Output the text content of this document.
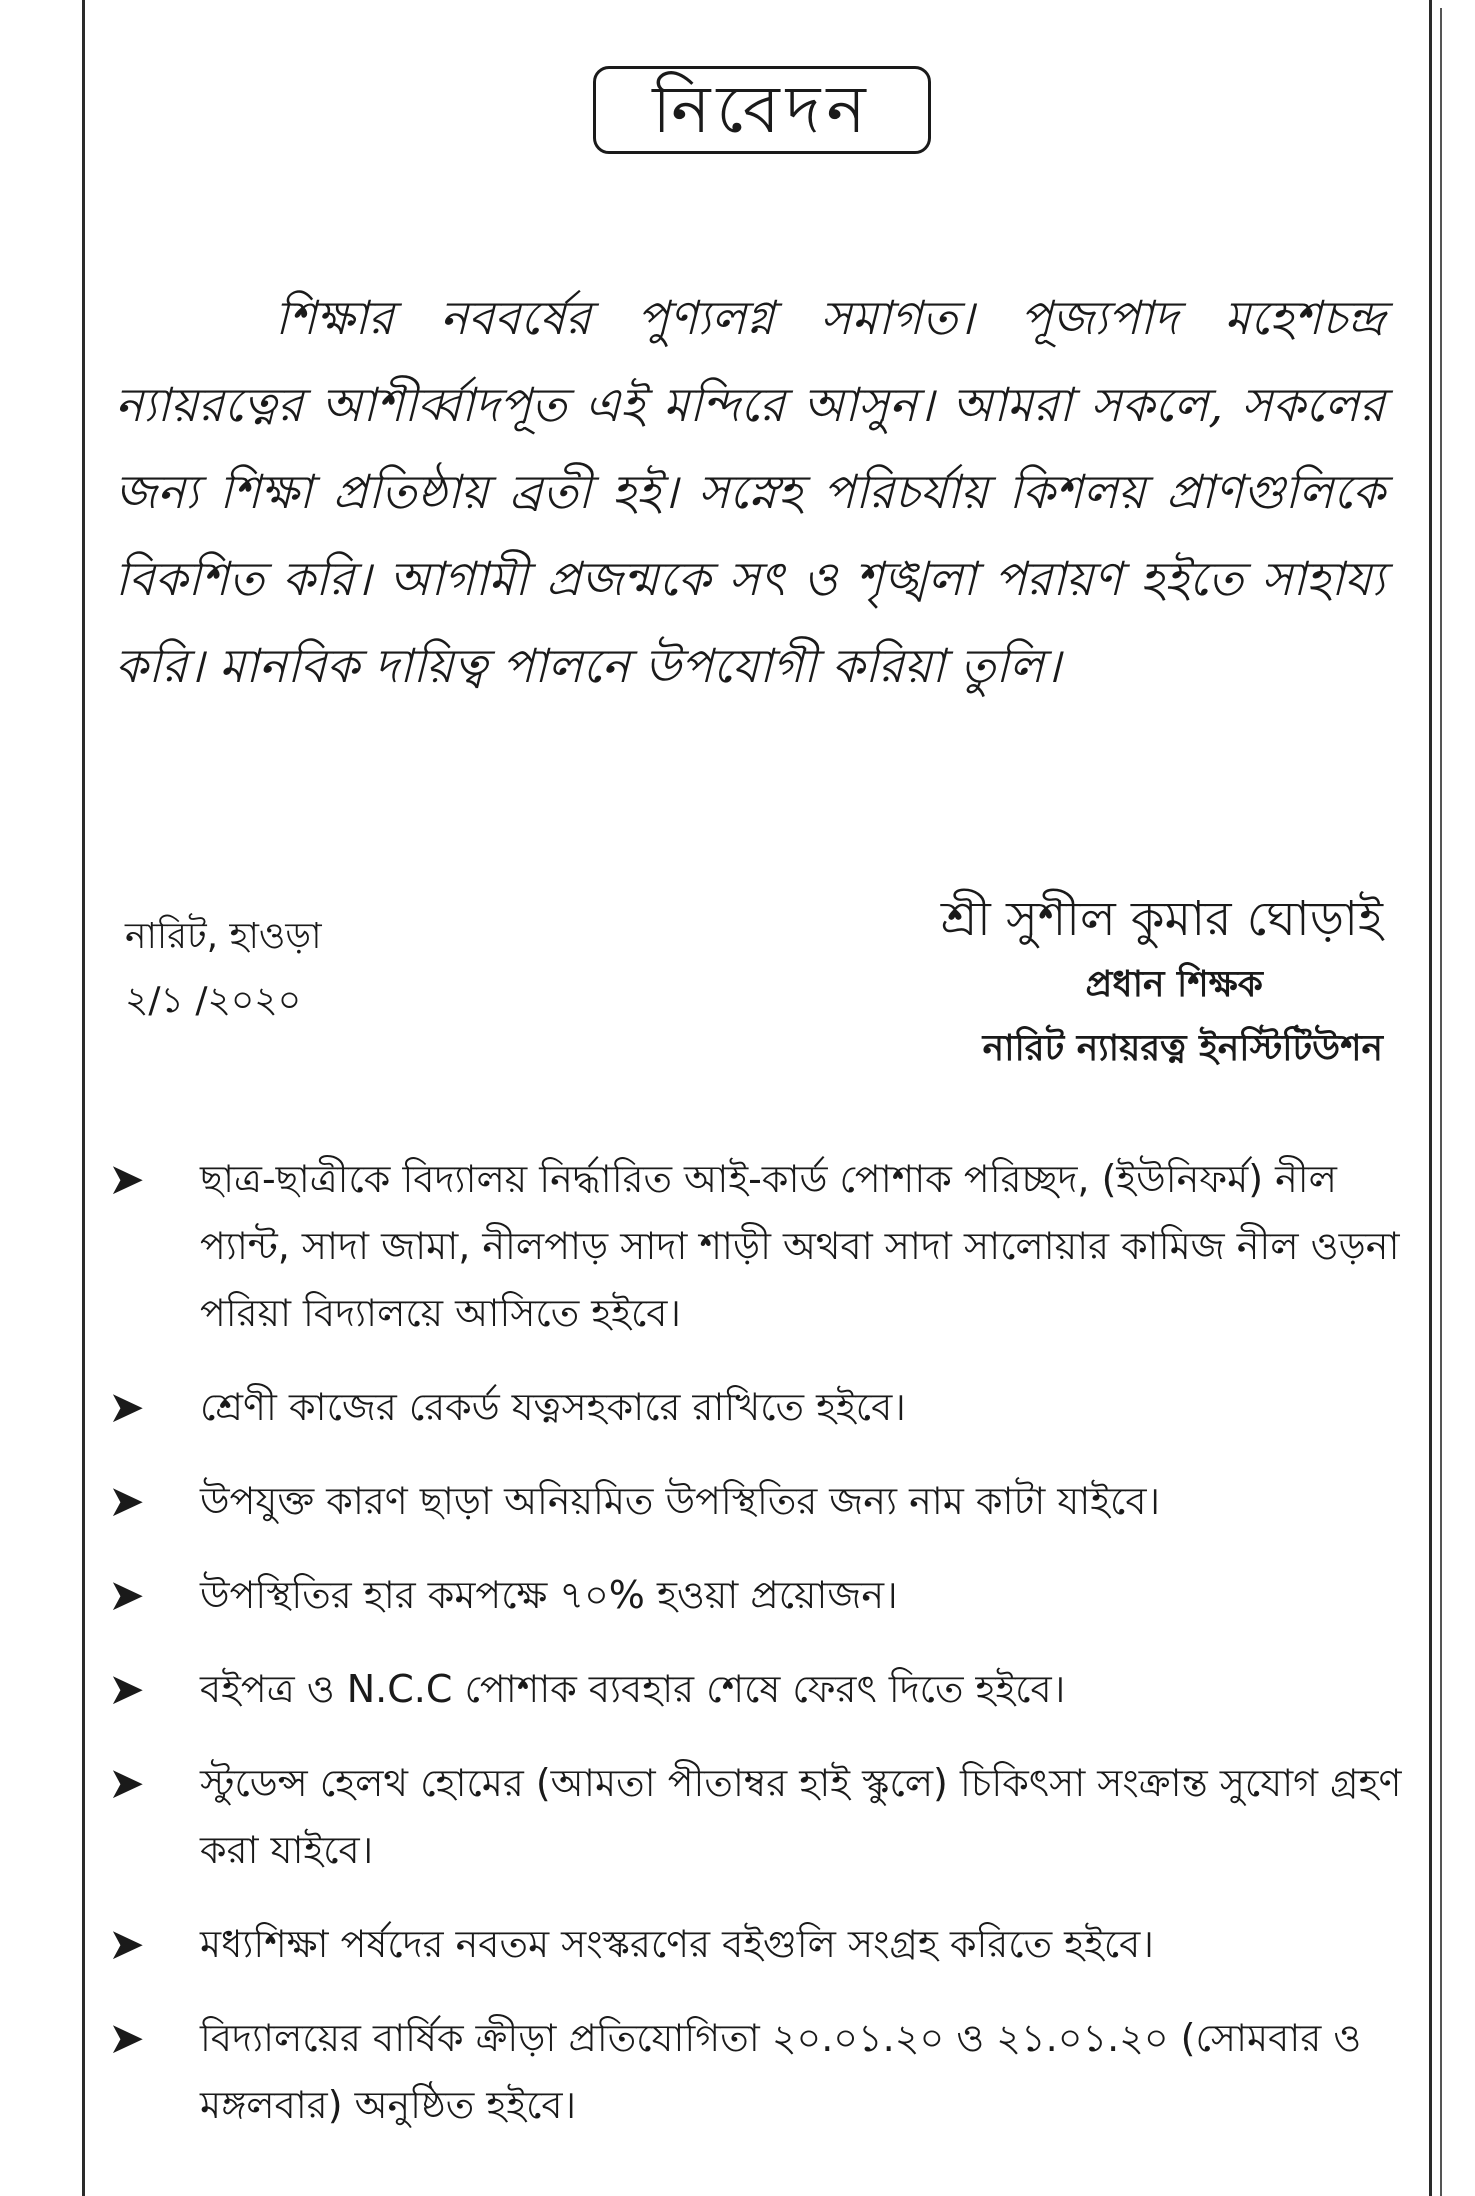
নিবেদন

শিক্ষার নববর্ষের পুণ্যলগ্ন সমাগত। পূজ্যপাদ মহেশচন্দ্র ন্যায়রত্নের আশীর্ব্বাদপূত এই মন্দিরে আসুন। আমরা সকলে, সকলের জন্য শিক্ষা প্রতিষ্ঠায় ব্রতী হই। সস্নেহ পরিচর্যায় কিশলয় প্রাণগুলিকে বিকশিত করি। আগামী প্রজন্মকে সৎ ও শৃঙ্খলা পরায়ণ হইতে সাহায্য করি। মানবিক দায়িত্ব পালনে উপযোগী করিয়া তুলি।

নারিট, হাওড়া
২/১ /২০২০
শ্রী সুশীল কুমার ঘোড়াই
প্রধান শিক্ষক
নারিট ন্যায়রত্ন ইনস্টিটিউশন
➤ ছাত্র-ছাত্রীকে বিদ্যালয় নির্দ্ধারিত আই-কার্ড পোশাক পরিচ্ছদ, (ইউনিফর্ম) নীল প্যান্ট, সাদা জামা, নীলপাড় সাদা শাড়ী অথবা সাদা সালোয়ার কামিজ নীল ওড়না পরিয়া বিদ্যালয়ে আসিতে হইবে।
➤ শ্রেণী কাজের রেকর্ড যত্নসহকারে রাখিতে হইবে।
➤ উপযুক্ত কারণ ছাড়া অনিয়মিত উপস্থিতির জন্য নাম কাটা যাইবে।
➤ উপস্থিতির হার কমপক্ষে ৭০% হওয়া প্রয়োজন।
➤ বইপত্র ও N.C.C পোশাক ব্যবহার শেষে ফেরৎ দিতে হইবে।
➤ স্টুডেন্স হেলথ হোমের (আমতা পীতাম্বর হাই স্কুলে) চিকিৎসা সংক্রান্ত সুযোগ গ্রহণ করা যাইবে।
➤ মধ্যশিক্ষা পর্ষদের নবতম সংস্করণের বইগুলি সংগ্রহ করিতে হইবে।
➤ বিদ্যালয়ের বার্ষিক ক্রীড়া প্রতিযোগিতা ২০.০১.২০ ও ২১.০১.২০ (সোমবার ও মঙ্গলবার) অনুষ্ঠিত হইবে।
